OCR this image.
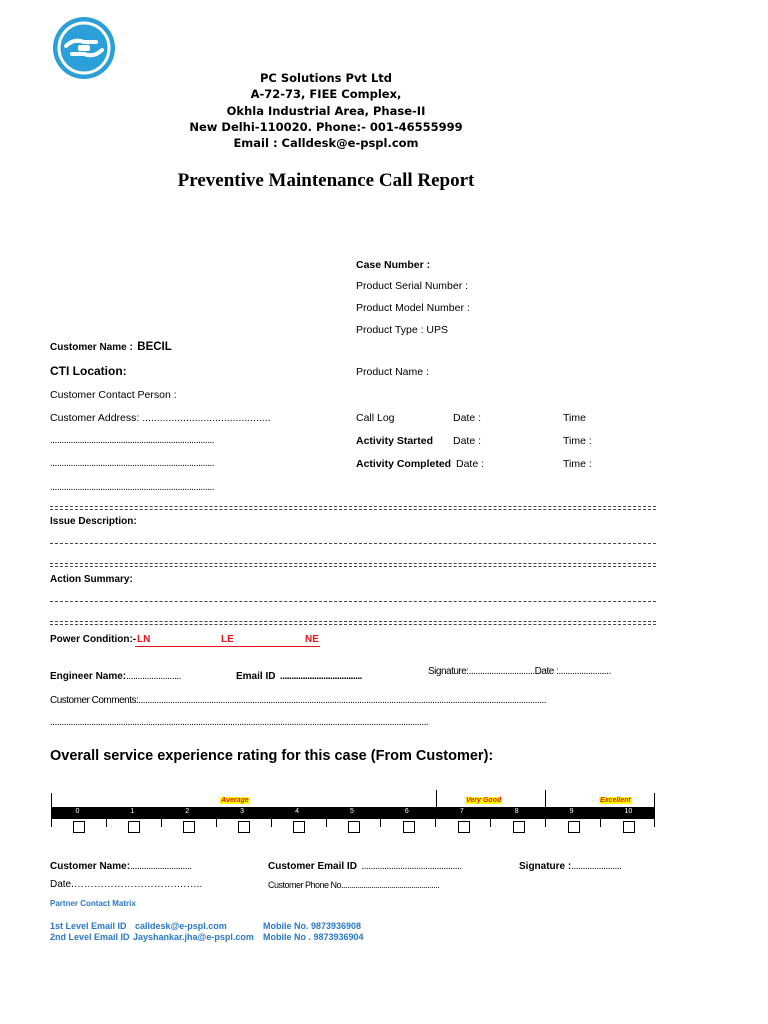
PC Solutions Pvt Ltd
A-72-73, FIEE Complex,
Okhla Industrial Area, Phase-II
New Delhi-110020. Phone:- 001-46555999
Email : Calldesk@e-pspl.com
Preventive Maintenance Call Report
Case Number :
Product Serial Number :
Product Model Number :
Product Type : UPS
Product Name :
Call Log	Date :	Time
Activity Started Date :	Time :
Activity Completed Date :	Time :
Customer Name : BECIL
CTI Location:
Customer Contact Person :
Customer Address: ............................................
........................................................................
........................................................................
........................................................................
Issue Description:
Action Summary:
Power Condition:- LN	LE	NE
Engineer Name:........................	Email ID ....................................	Signature:.............................Date :.......................
Customer Comments:...................................................................................................................................................................................
......................................................................................................................................................................
Overall service experience rating for this case (From Customer):
Average	Very Good	Excellent
0	1	2	3	4	5	6	7	8	9	10
Customer Name:...........................	Customer Email ID ............................................	Signature :......................
Date.………………………….……..	Customer Phone No.................................................
Partner Contact Matrix
1st Level Email ID calldesk@e-pspl.com	Mobile No. 9873936908
2nd Level Email ID Jayshankar.jha@e-pspl.com Mobile No . 9873936904
